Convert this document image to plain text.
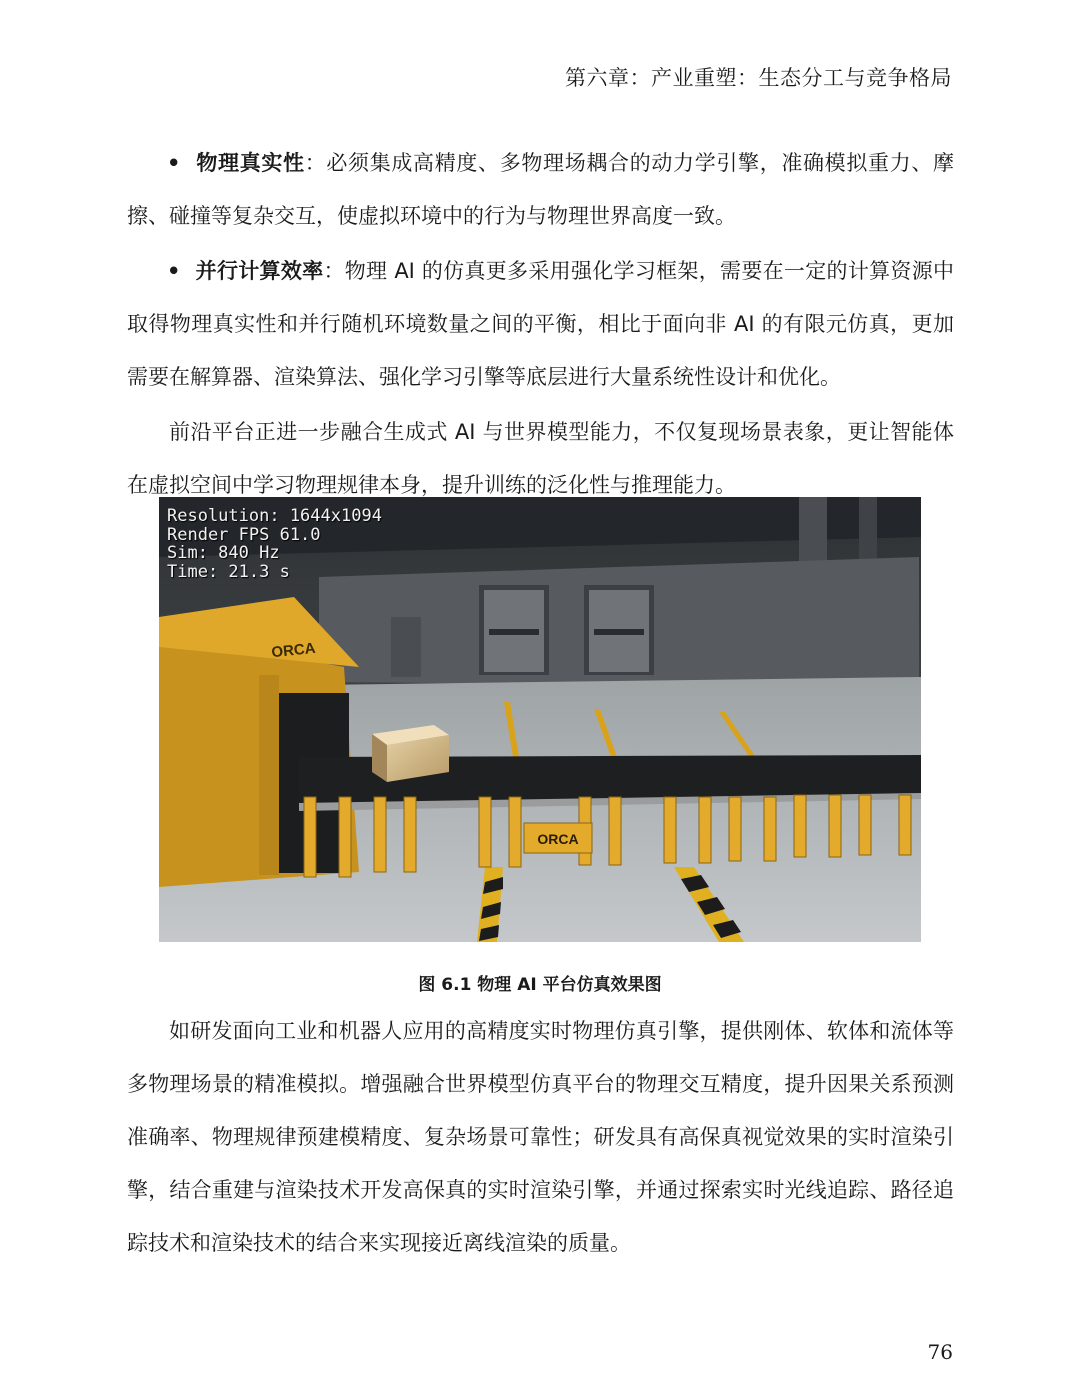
第六章：产业重塑：生态分工与竞争格局

•  物理真实性：必须集成高精度、多物理场耦合的动力学引擎，准确模拟重力、摩擦、碰撞等复杂交互，使虚拟环境中的行为与物理世界高度一致。

•  并行计算效率：物理 AI 的仿真更多采用强化学习框架，需要在一定的计算资源中取得物理真实性和并行随机环境数量之间的平衡，相比于面向非 AI 的有限元仿真，更加需要在解算器、渲染算法、强化学习引擎等底层进行大量系统性设计和优化。

前沿平台正进一步融合生成式 AI 与世界模型能力，不仅复现场景表象，更让智能体在虚拟空间中学习物理规律本身，提升训练的泛化性与推理能力。

ORCA
ORCA
Resolution: 1644x1094
Render FPS 61.0
Sim: 840 Hz
Time: 21.3 s
图 6.1 物理 AI 平台仿真效果图

如研发面向工业和机器人应用的高精度实时物理仿真引擎，提供刚体、软体和流体等多物理场景的精准模拟。增强融合世界模型仿真平台的物理交互精度，提升因果关系预测准确率、物理规律预建模精度、复杂场景可靠性；研发具有高保真视觉效果的实时渲染引擎，结合重建与渲染技术开发高保真的实时渲染引擎，并通过探索实时光线追踪、路径追踪技术和渲染技术的结合来实现接近离线渲染的质量。

76
